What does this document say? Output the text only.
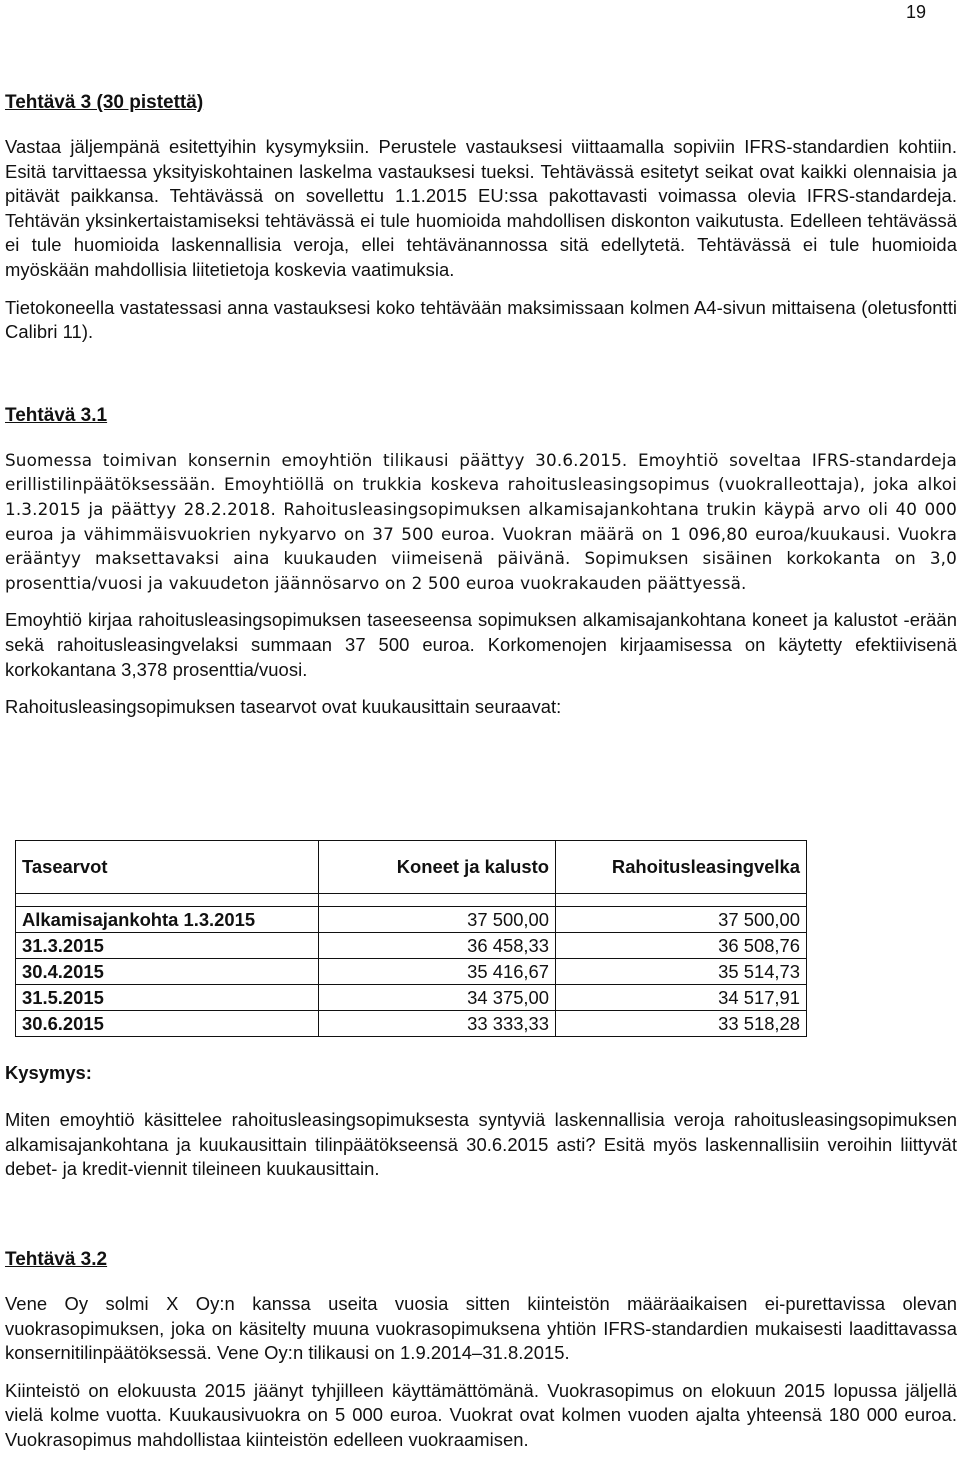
19

Tehtävä 3 (30 pistettä)

Vastaa jäljempänä esitettyihin kysymyksiin. Perustele vastauksesi viittaamalla sopiviin IFRS-standardien kohtiin. Esitä tarvittaessa yksityiskohtainen laskelma vastauksesi tueksi. Tehtävässä esitetyt seikat ovat kaikki olennaisia ja pitävät paikkansa. Tehtävässä on sovellettu 1.1.2015 EU:ssa pakottavasti voimassa olevia IFRS-standardeja. Tehtävän yksinkertaistamiseksi tehtävässä ei tule huomioida mahdollisen diskonton vaikutusta. Edelleen tehtävässä ei tule huomioida laskennallisia veroja, ellei tehtävänannossa sitä edellytetä. Tehtävässä ei tule huomioida myöskään mahdollisia liitetietoja koskevia vaatimuksia.

Tietokoneella vastatessasi anna vastauksesi koko tehtävään maksimissaan kolmen A4-sivun mittaisena (oletusfontti Calibri 11).

Tehtävä 3.1

Suomessa toimivan konsernin emoyhtiön tilikausi päättyy 30.6.2015. Emoyhtiö soveltaa IFRS-standardeja erillistilinpäätöksessään. Emoyhtiöllä on trukkia koskeva rahoitusleasingsopimus (vuokralleottaja), joka alkoi 1.3.2015 ja päättyy 28.2.2018. Rahoitusleasingsopimuksen alkamisajankohtana trukin käypä arvo oli 40 000 euroa ja vähimmäisvuokrien nykyarvo on 37 500 euroa. Vuokran määrä on 1 096,80 euroa/kuukausi. Vuokra erääntyy maksettavaksi aina kuukauden viimeisenä päivänä. Sopimuksen sisäinen korkokanta on 3,0 prosenttia/vuosi ja vakuudeton jäännösarvo on 2 500 euroa vuokrakauden päättyessä.

Emoyhtiö kirjaa rahoitusleasingsopimuksen taseeseensa sopimuksen alkamisajankohtana koneet ja kalustot -erään sekä rahoitusleasingvelaksi summaan 37 500 euroa. Korkomenojen kirjaamisessa on käytetty efektiivisenä korkokantana 3,378 prosenttia/vuosi.

Rahoitusleasingsopimuksen tasearvot ovat kuukausittain seuraavat:

Tasearvot	Koneet ja kalusto	Rahoitusleasingvelka

Alkamisajankohta 1.3.2015	37 500,00	37 500,00
31.3.2015	36 458,33	36 508,76
30.4.2015	35 416,67	35 514,73
31.5.2015	34 375,00	34 517,91
30.6.2015	33 333,33	33 518,28
Kysymys:

Miten emoyhtiö käsittelee rahoitusleasingsopimuksesta syntyviä laskennallisia veroja rahoitusleasingsopimuksen alkamisajankohtana ja kuukausittain tilinpäätökseensä 30.6.2015 asti? Esitä myös laskennallisiin veroihin liittyvät debet- ja kredit-viennit tileineen kuukausittain.

Tehtävä 3.2

Vene Oy solmi X Oy:n kanssa useita vuosia sitten kiinteistön määräaikaisen ei-purettavissa olevan vuokrasopimuksen, joka on käsitelty muuna vuokrasopimuksena yhtiön IFRS-standardien mukaisesti laadittavassa konsernitilinpäätöksessä. Vene Oy:n tilikausi on 1.9.2014–31.8.2015.

Kiinteistö on elokuusta 2015 jäänyt tyhjilleen käyttämättömänä. Vuokrasopimus on elokuun 2015 lopussa jäljellä vielä kolme vuotta. Kuukausivuokra on 5 000 euroa. Vuokrat ovat kolmen vuoden ajalta yhteensä 180 000 euroa. Vuokrasopimus mahdollistaa kiinteistön edelleen vuokraamisen.
